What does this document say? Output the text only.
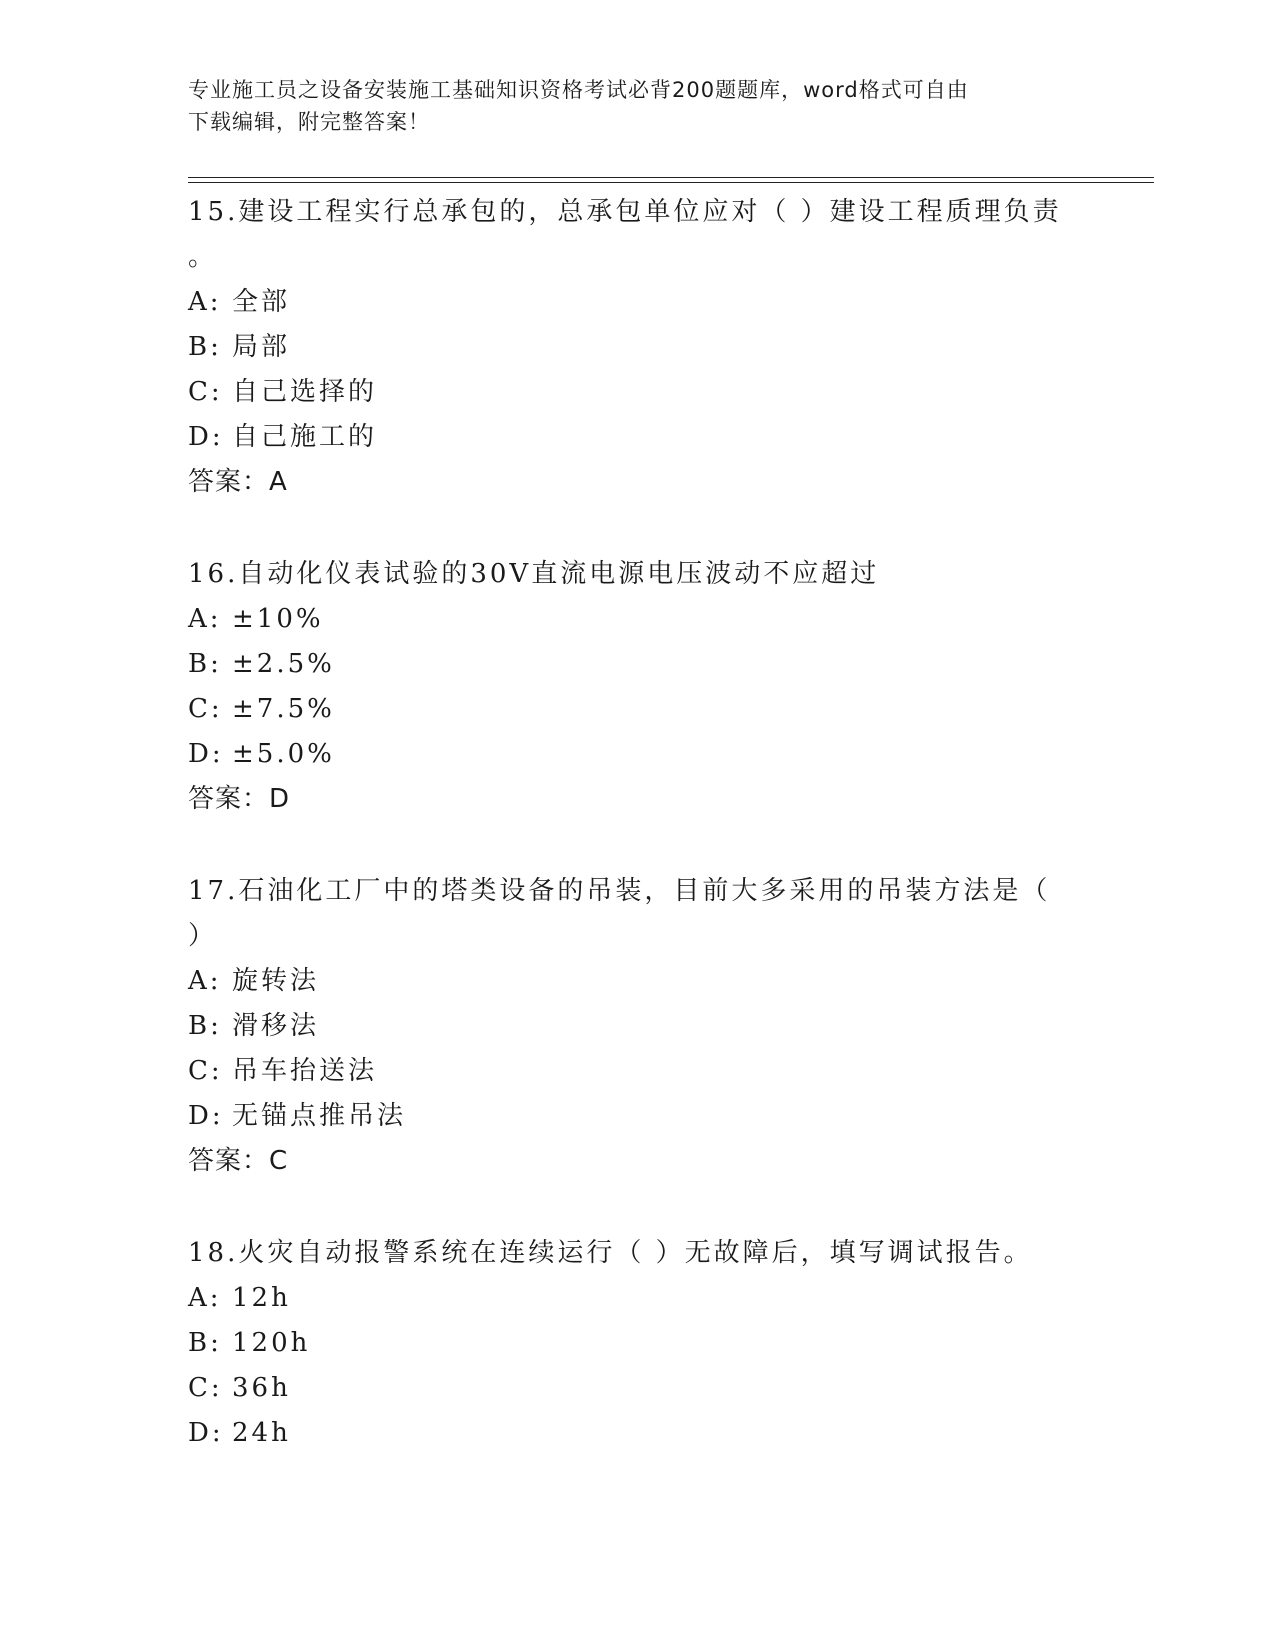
专业施工员之设备安装施工基础知识资格考试必背200题题库，word格式可自由
下载编辑，附完整答案！
15.建设工程实行总承包的，总承包单位应对（ ）建设工程质理负责
。
A: 全部
B: 局部
C: 自己选择的
D: 自己施工的
答案：A
16.自动化仪表试验的30V直流电源电压波动不应超过
A: ±10%
B: ±2.5%
C: ±7.5%
D: ±5.0%
答案：D
17.石油化工厂中的塔类设备的吊装，目前大多采用的吊装方法是（
）
A: 旋转法
B: 滑移法
C: 吊车抬送法
D: 无锚点推吊法
答案：C
18.火灾自动报警系统在连续运行（ ）无故障后，填写调试报告。
A: 12h
B: 120h
C: 36h
D: 24h
